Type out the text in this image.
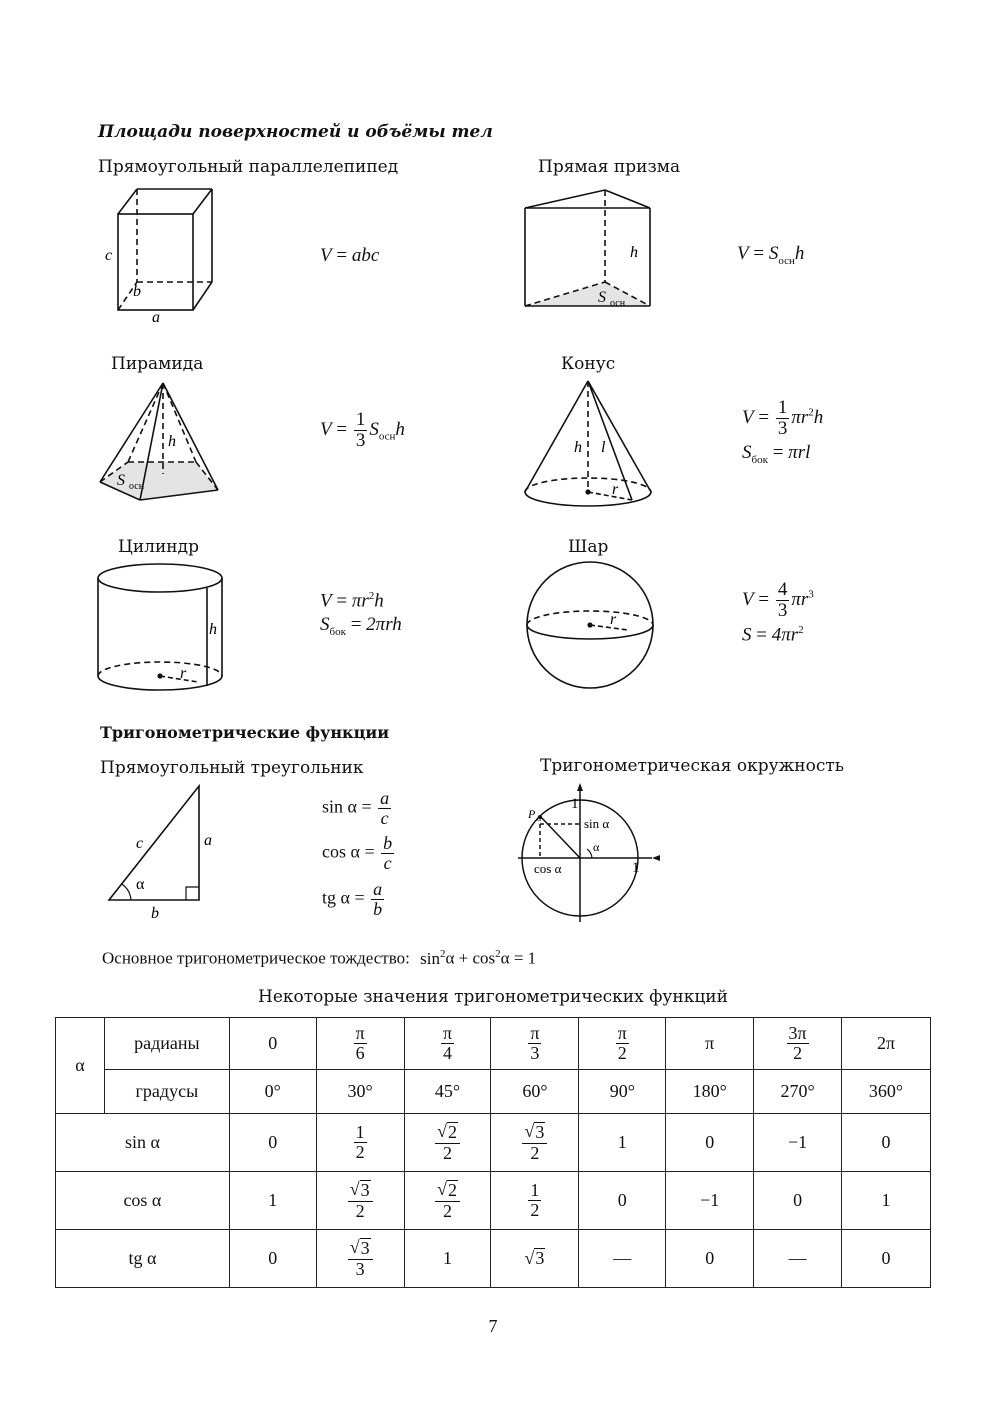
Площади поверхностей и объёмы тел
Прямоугольный параллелепипед
c
b
a
V = abc
Прямая призма
h
S осн
$V = S_{осн}h$
Пирамида
h
S осн
$V = \frac{1}{3} S_{осн}h$
Конус
h l
r
$V = \frac{1}{3} \pi r^2h$
$S_{бок} = \pi rl$
Цилиндр
h
r
$V = \pi r^2h$
$S_{бок} = 2\pi rh$
Шар
r
$V = \frac{4}{3} \pi r^3$
$S = 4\pi r^2$
Тригонометрические функции
Прямоугольный треугольник
c	a
α
b
$\sin \alpha = \frac{a}{c}$
$\cos \alpha = \frac{b}{c}$
tg $\alpha = \frac{a}{b}$
Тригонометрическая окружность
1
P α	sin α
cos α
α
1
Основное тригонометрическое тождество: $\sin^2\alpha + \cos^2\alpha = 1$
Некоторые значения тригонометрических функций
α	радианы	0	$\frac{\pi}{6}$	$\frac{\pi}{4}$	$\frac{\pi}{3}$	$\frac{\pi}{2}$	π	$\frac{3\pi}{2}$	2π
	градусы	0°	30°	45°	60°	90°	180°	270°	360°
sin α		0	$\frac{1}{2}$	$\frac{√ 2}{2}$	$\frac{√ 3}{2}$	1	0	−1	0
cos α		1	$\frac{√ 3}{2}$	$\frac{√ 2}{2}$	$\frac{1}{2}$	0	−1	0	1
tg α		0	$\frac{√ 3}{3}$	1	√ 3	—	0	—	0
7
